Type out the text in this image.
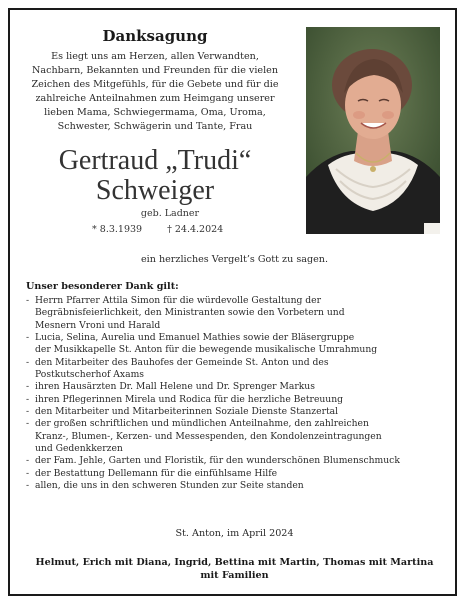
Danksagung
Es liegt uns am Herzen, allen Verwandten,
Nachbarn, Bekannten und Freunden für die vielen
Zeichen des Mitgefühls, für die Gebete und für die
zahlreiche Anteilnahmen zum Heimgang unserer
lieben Mama, Schwiegermama, Oma, Uroma,
Schwester, Schwägerin und Tante, Frau
Gertraud „Trudi“
Schweiger
geb. Ladner
* 8.3.1939	† 24.4.2024
ein herzliches Vergelt’s Gott zu sagen.
Unser besonderer Dank gilt:
- Herrn Pfarrer Attila Simon für die würdevolle Gestaltung der
Begräbnisfeierlichkeit, den Ministranten sowie den Vorbetern und
Mesnern Vroni und Harald
- Lucia, Selina, Aurelia und Emanuel Mathies sowie der Bläsergruppe
der Musikkapelle St. Anton für die bewegende musikalische Umrahmung
- den Mitarbeiter des Bauhofes der Gemeinde St. Anton und des
Postkutscherhof Axams
- ihren Hausärzten Dr. Mall Helene und Dr. Sprenger Markus
- ihren Pflegerinnen Mirela und Rodica für die herzliche Betreuung
- den Mitarbeiter und Mitarbeiterinnen Soziale Dienste Stanzertal
- der großen schriftlichen und mündlichen Anteilnahme, den zahlreichen
Kranz-, Blumen-, Kerzen- und Messespenden, den Kondolenzeintragungen
und Gedenkkerzen
- der Fam. Jehle, Garten und Floristik, für den wunderschönen Blumenschmuck
- der Bestattung Dellemann für die einfühlsame Hilfe
- allen, die uns in den schweren Stunden zur Seite standen
St. Anton, im April 2024
Helmut, Erich mit Diana, Ingrid, Bettina mit Martin, Thomas mit Martina
mit Familien
